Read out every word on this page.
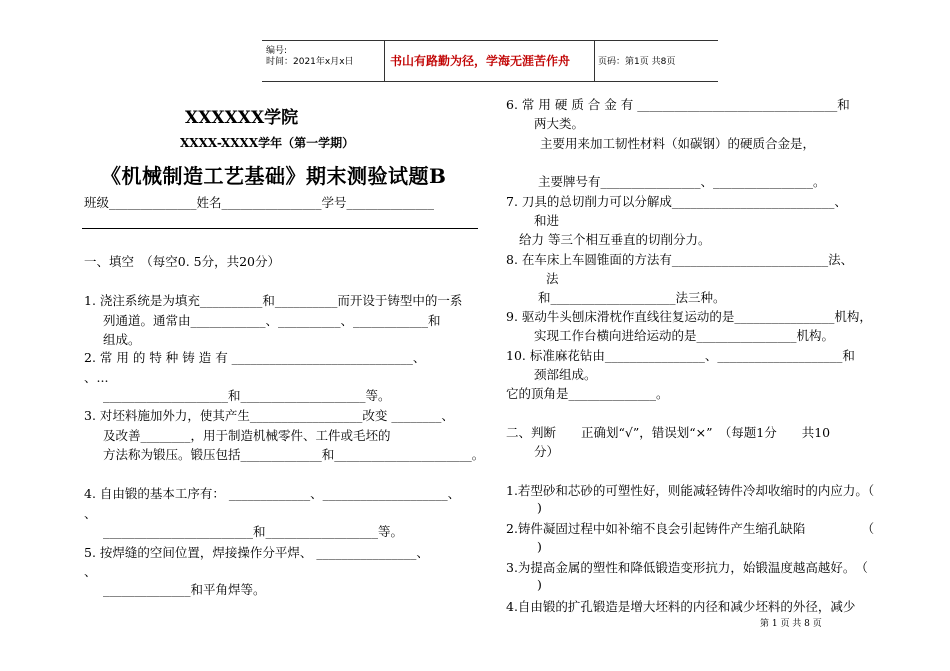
编号:
时间：2021年x月x日	书山有路勤为径，学海无涯苦作舟	页码：第1页 共8页
XXXXXX学院
XXXX-XXXX学年（第一学期）
《机械制造工艺基础》期末测验试题B
班级______________姓名________________学号______________
一、填空　（每空0. 5分，共20分）
1. 浇注系统是为填充__________和__________而开设于铸型中的一系
列通道。通常由____________、__________、____________和
组成。
2. 常 用 的 特 种 铸 造 有 _____________________________、
、...
____________________和____________________等。
3. 对坯料施加外力，使其产生__________________改变 ________、
及改善________，用于制造机械零件、工件或毛坯的
方法称为锻压。锻压包括_____________和______________________。
4. 自由锻的基本工序有： _____________、____________________、
、
________________________和__________________等。
5. 按焊缝的空间位置，焊接操作分平焊、 ________________、
、
______________和平角焊等。
6. 常 用 硬 质 合 金 有 ________________________________和
两大类。
主要用来加工韧性材料（如碳钢）的硬质合金是，
主要牌号有________________、________________。
7. 刀具的总切削力可以分解成__________________________、
和进
给力 等三个相互垂直的切削分力。
8. 在车床上车圆锥面的方法有_________________________法、
法
和____________________法三种。
9. 驱动牛头刨床滑枕作直线往复运动的是________________机构，
实现工作台横向进给运动的是________________机构。
10. 标准麻花钻由________________、____________________和
颈部组成。
它的顶角是______________。
二、判断　　正确划“√”，错误划“×”　（每题1分　　共10
分）
1.若型砂和芯砂的可塑性好，则能减轻铸件冷却收缩时的内应力。（
)
2.铸件凝固过程中如补缩不良会引起铸件产生缩孔缺陷　　　　　（
)
3.为提高金属的塑性和降低锻造变形抗力，始锻温度越高越好。　（
)
4.自由锻的扩孔锻造是增大坯料的内径和减少坯料的外径，减少
第 1 页 共 8 页
